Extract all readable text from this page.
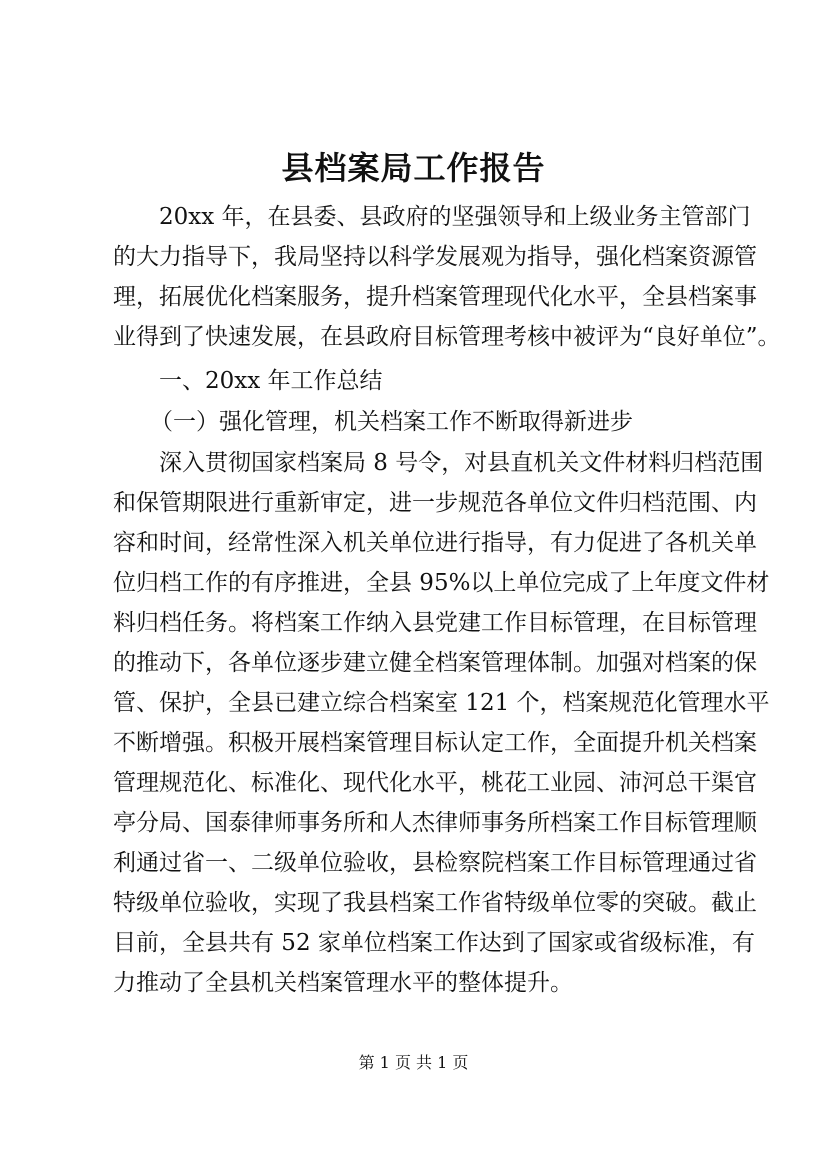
县档案局工作报告
20xx 年，在县委、县政府的坚强领导和上级业务主管部门
的大力指导下，我局坚持以科学发展观为指导，强化档案资源管
理，拓展优化档案服务，提升档案管理现代化水平，全县档案事
业得到了快速发展，在县政府目标管理考核中被评为“良好单位”。
一、20xx 年工作总结
（一）强化管理，机关档案工作不断取得新进步
深入贯彻国家档案局 8 号令，对县直机关文件材料归档范围
和保管期限进行重新审定，进一步规范各单位文件归档范围、内
容和时间，经常性深入机关单位进行指导，有力促进了各机关单
位归档工作的有序推进，全县 95%以上单位完成了上年度文件材
料归档任务。将档案工作纳入县党建工作目标管理，在目标管理
的推动下，各单位逐步建立健全档案管理体制。加强对档案的保
管、保护，全县已建立综合档案室 121 个，档案规范化管理水平
不断增强。积极开展档案管理目标认定工作，全面提升机关档案
管理规范化、标准化、现代化水平，桃花工业园、沛河总干渠官
亭分局、国泰律师事务所和人杰律师事务所档案工作目标管理顺
利通过省一、二级单位验收，县检察院档案工作目标管理通过省
特级单位验收，实现了我县档案工作省特级单位零的突破。截止
目前，全县共有 52 家单位档案工作达到了国家或省级标准，有
力推动了全县机关档案管理水平的整体提升。
第 1 页 共 1 页
